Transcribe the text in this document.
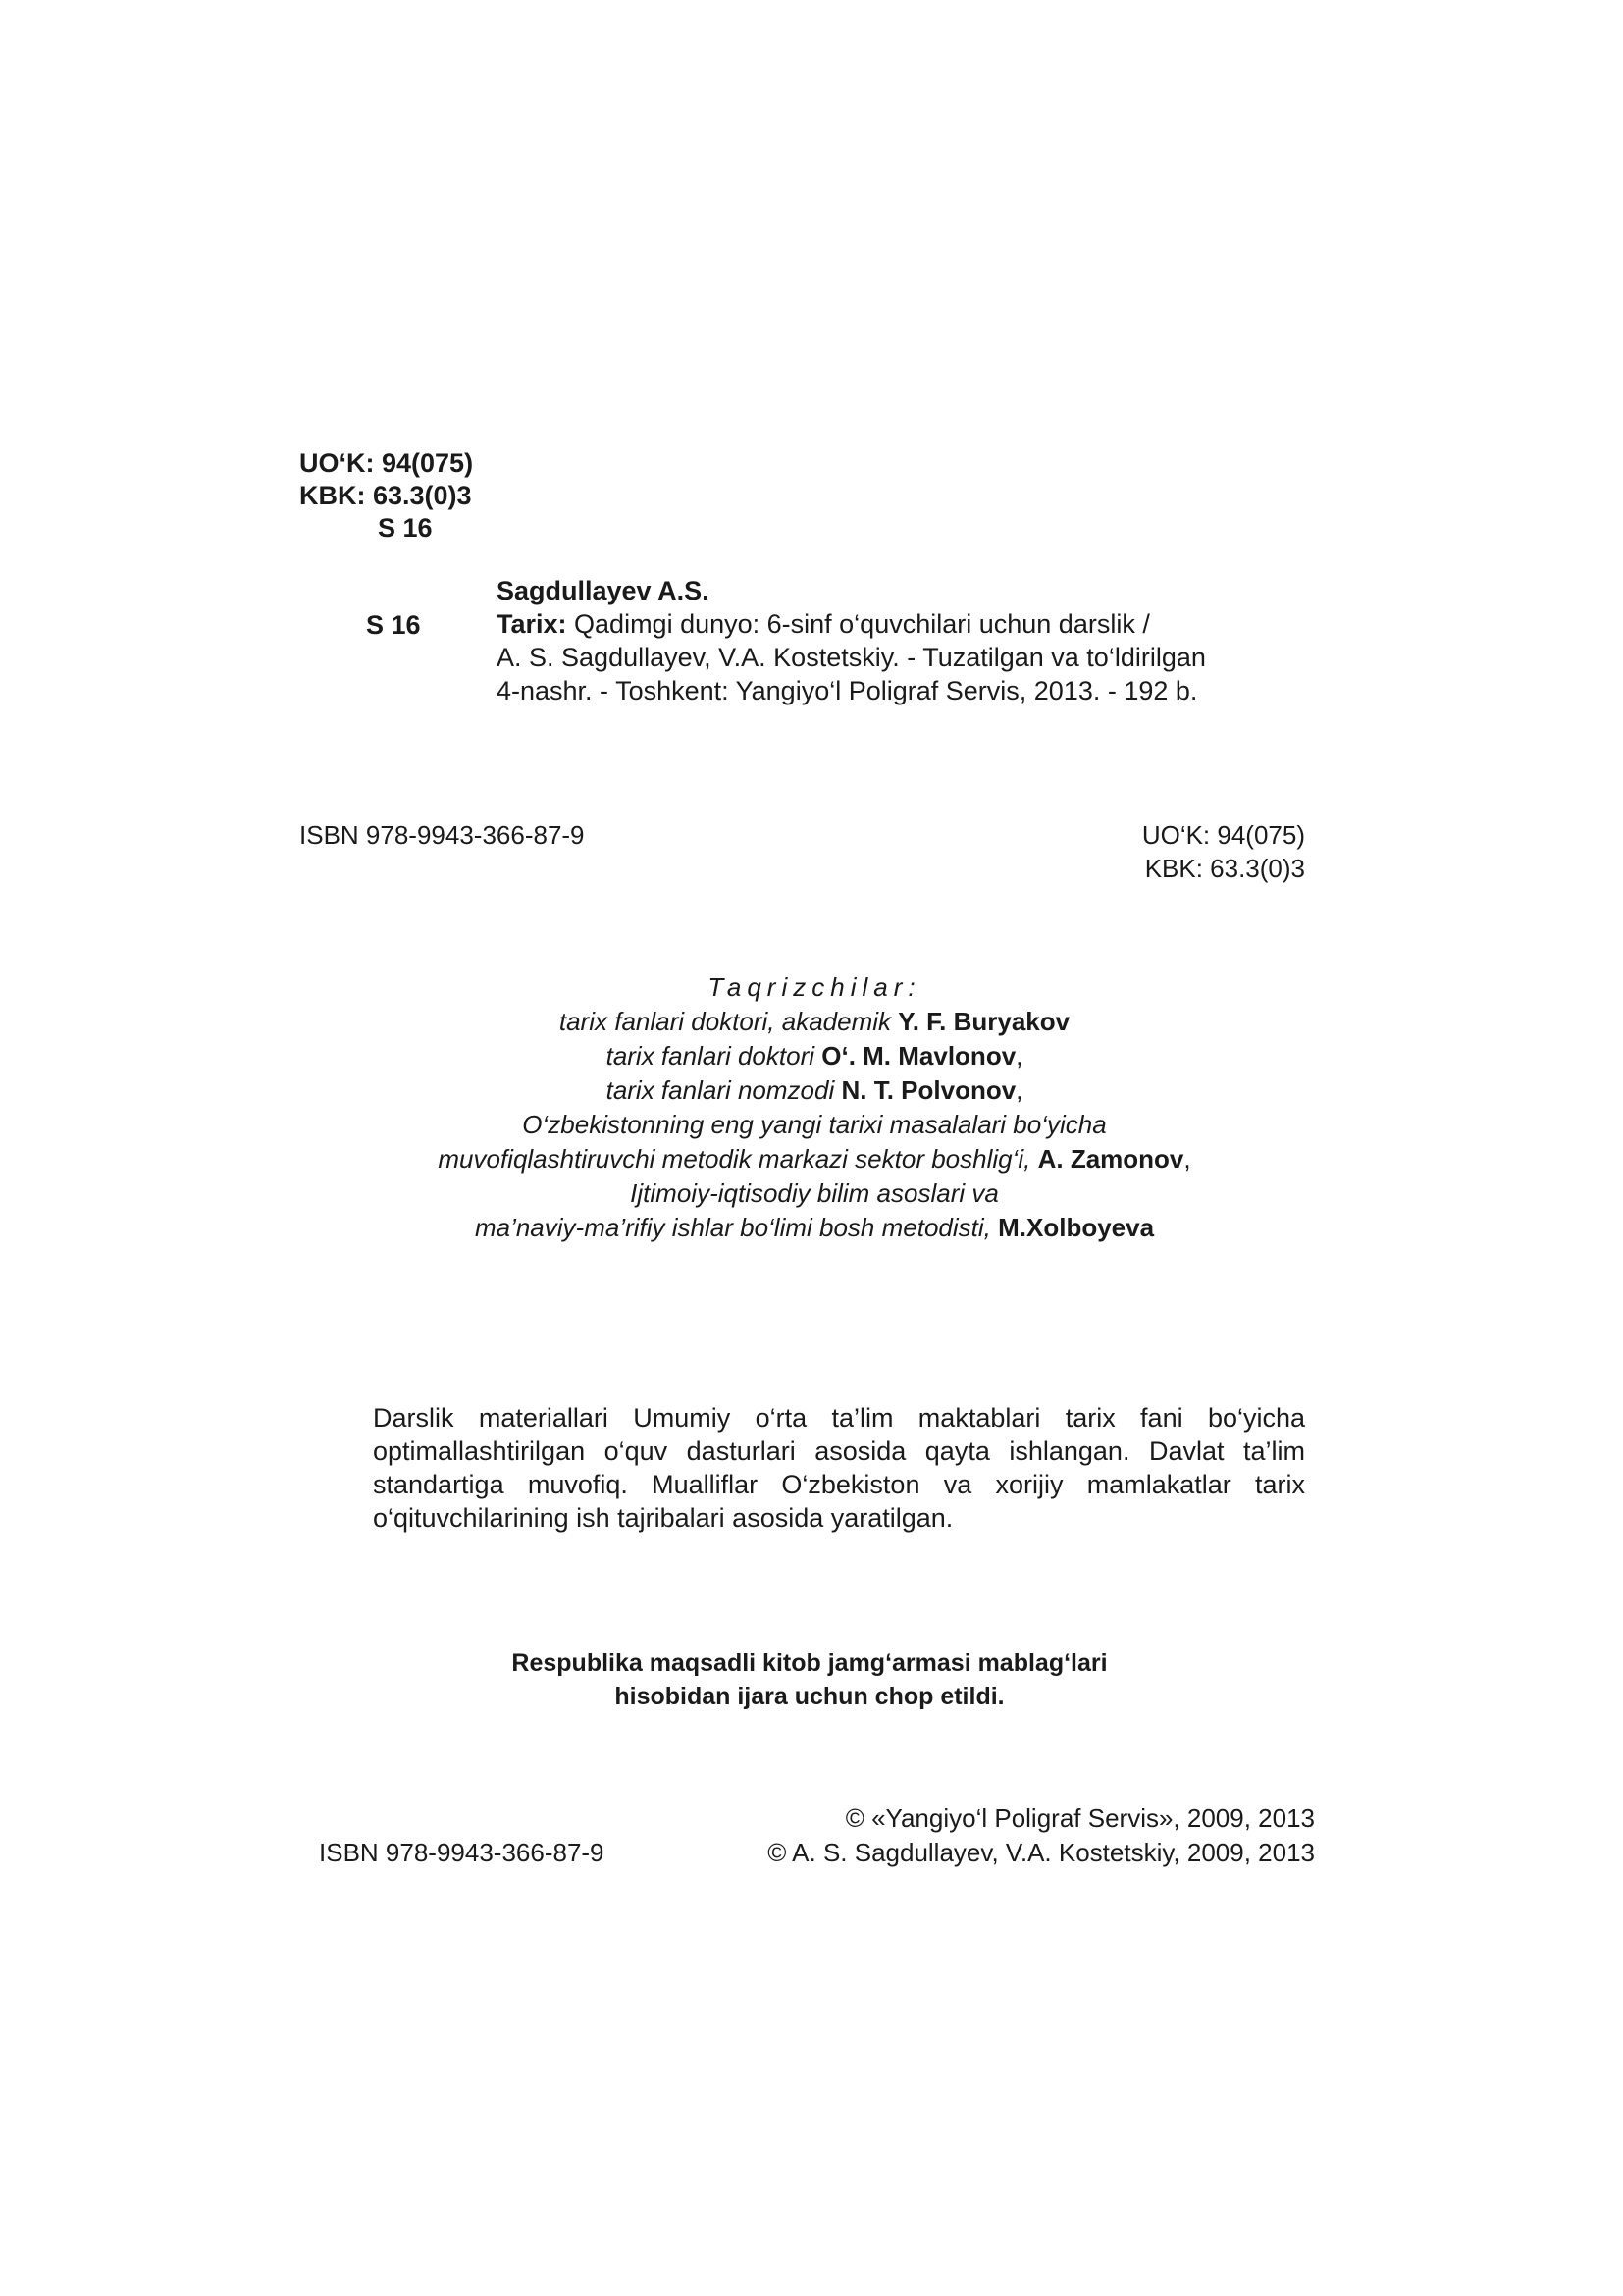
UO‘K: 94(075)
KBK: 63.3(0)3
S 16
S 16
Sagdullayev A.S.
Tarix: Qadimgi dunyo: 6-sinf o‘quvchilari uchun darslik /
A. S. Sagdullayev, V.A. Kostetskiy. - Tuzatilgan va to‘ldirilgan
4-nashr. - Toshkent: Yangiyo‘l Poligraf Servis, 2013. - 192 b.
ISBN 978-9943-366-87-9	UO‘K: 94(075)
KBK: 63.3(0)3
Taqrizchilar:
tarix fanlari doktori, akademik Y. F. Buryakov
tarix fanlari doktori O‘. M. Mavlonov,
tarix fanlari nomzodi N. T. Polvonov,
O‘zbekistonning eng yangi tarixi masalalari bo‘yicha
muvofiqlashtiruvchi metodik markazi sektor boshlig‘i, A. Zamonov,
Ijtimoiy-iqtisodiy bilim asoslari va
ma’naviy-ma’rifiy ishlar bo‘limi bosh metodisti, M.Xolboyeva

Darslik materiallari Umumiy o‘rta ta’lim maktablari tarix fani bo‘yicha optimallashtirilgan o‘quv dasturlari asosida qayta ishlangan. Davlat ta’lim standartiga muvofiq. Mualliflar O‘zbekiston va xorijiy mamlakatlar tarix o‘qituvchilarining ish tajribalari asosida yaratilgan.

Respublika maqsadli kitob jamg‘armasi mablag‘lari
hisobidan ijara uchun chop etildi.
© «Yangiyo‘l Poligraf Servis», 2009, 2013
© A. S. Sagdullayev, V.A. Kostetskiy, 2009, 2013
ISBN 978-9943-366-87-9
